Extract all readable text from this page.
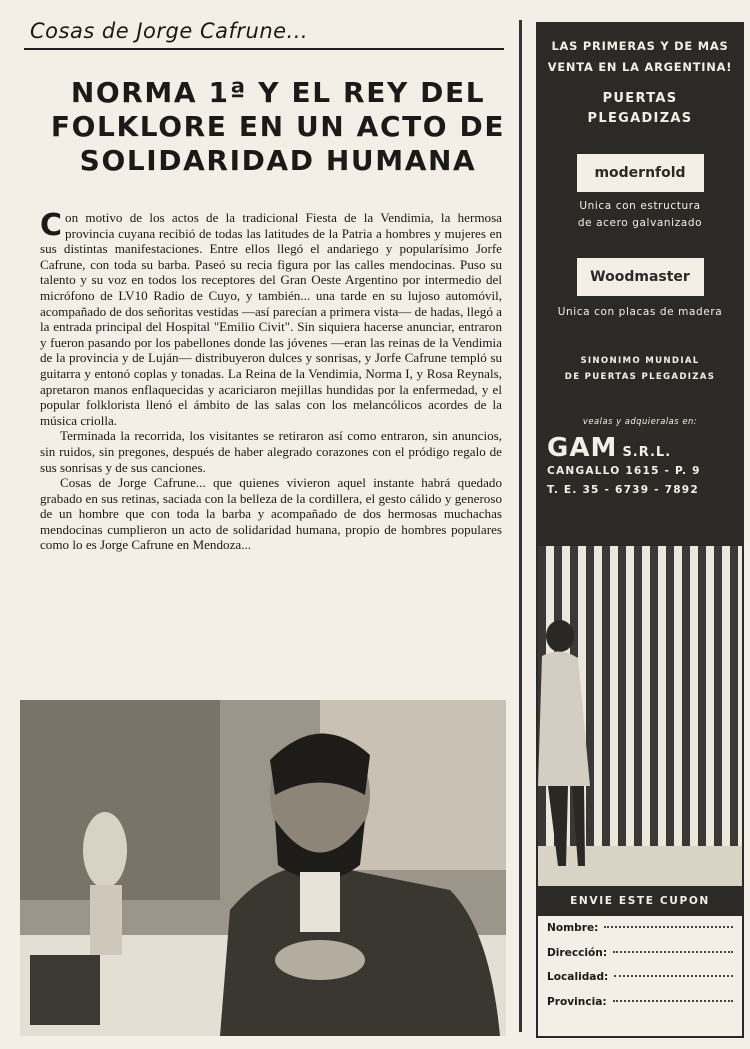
Cosas de Jorge Cafrune...
NORMA 1ª Y EL REY DEL
FOLKLORE EN UN ACTO DE
SOLIDARIDAD HUMANA

Con motivo de los actos de la tradicional Fiesta de la Vendimia, la hermosa provincia cuyana recibió de todas las latitudes de la Patria a hombres y mujeres en sus distintas manifestaciones. Entre ellos llegó el andariego y popularísimo Jorfe Cafrune, con toda su barba. Paseó su recia figura por las calles mendocinas. Puso su talento y su voz en todos los receptores del Gran Oeste Argentino por intermedio del micrófono de LV10 Radio de Cuyo, y también... una tarde en su lujoso automóvil, acompañado de dos señoritas vestidas —así parecían a primera vista— de hadas, llegó a la entrada principal del Hospital "Emilio Civit". Sin siquiera hacerse anunciar, entraron y fueron pasando por los pabellones donde las jóvenes —eran las reinas de la Vendimia de la provincia y de Luján— distribuyeron dulces y sonrisas, y Jorfe Cafrune templó su guitarra y entonó coplas y tonadas. La Reina de la Vendimia, Norma I, y Rosa Reynals, apretaron manos enflaquecidas y acariciaron mejillas hundidas por la enfermedad, y el popular folklorista llenó el ámbito de las salas con los melancólicos acordes de la música criolla.

Terminada la recorrida, los visitantes se retiraron así como entraron, sin anuncios, sin ruidos, sin pregones, después de haber alegrado corazones con el pródigo regalo de sus sonrisas y de sus canciones.

Cosas de Jorge Cafrune... que quienes vivieron aquel instante habrá quedado grabado en sus retinas, saciada con la belleza de la cordillera, el gesto cálido y generoso de un hombre que con toda la barba y acompañado de dos hermosas muchachas mendocinas cumplieron un acto de solidaridad humana, propio de hombres populares como lo es Jorge Cafrune en Mendoza...

LAS PRIMERAS Y DE MAS
VENTA EN LA ARGENTINA!
PUERTAS
PLEGADIZAS
modernfold
Unica con estructura
de acero galvanizado
Woodmaster
Unica con placas de madera
SINONIMO MUNDIAL
DE PUERTAS PLEGADIZAS
vealas y adquieralas en:
GAM S.R.L.
CANGALLO 1615 - P. 9
T. E. 35 - 6739 - 7892
ENVIE ESTE CUPON
Nombre:
Dirección:
Localidad:
Provincia:
